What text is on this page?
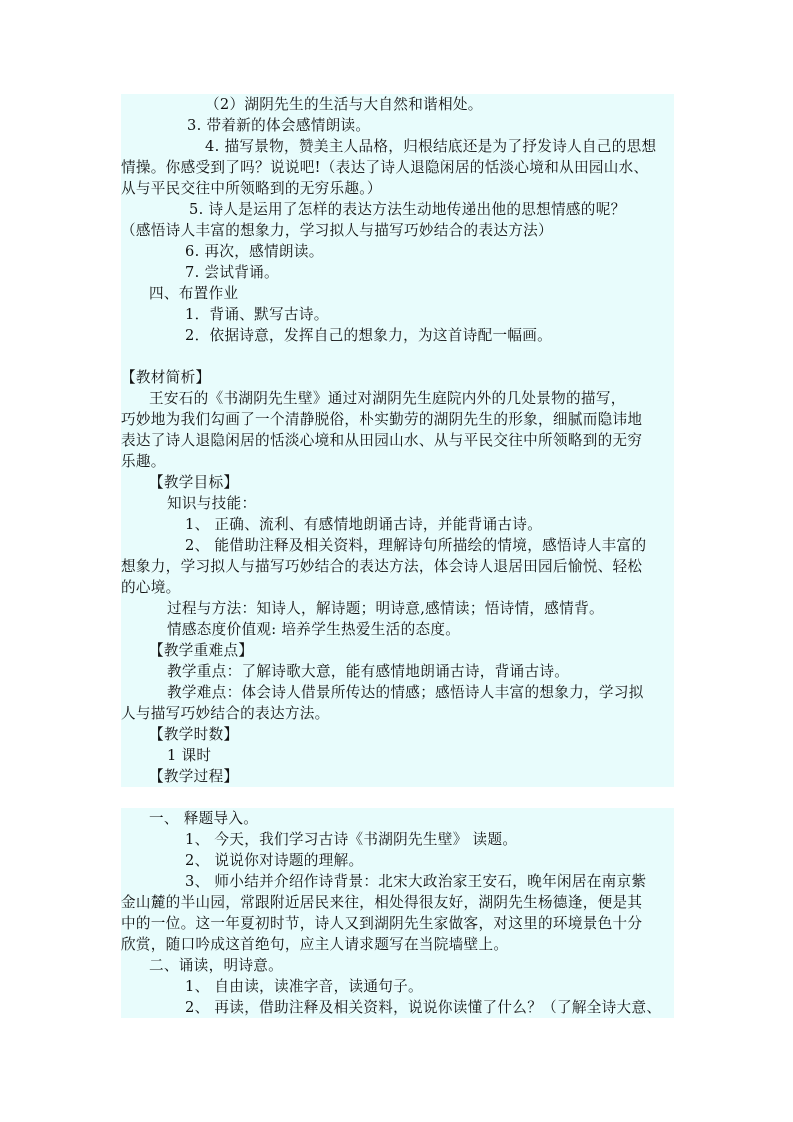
（2）湖阴先生的生活与大自然和谐相处。
3. 带着新的体会感情朗读。
4. 描写景物，赞美主人品格，归根结底还是为了抒发诗人自己的思想
情操。你感受到了吗？说说吧!（表达了诗人退隐闲居的恬淡心境和从田园山水、
从与平民交往中所领略到的无穷乐趣。）
5. 诗人是运用了怎样的表达方法生动地传递出他的思想情感的呢？
（感悟诗人丰富的想象力，学习拟人与描写巧妙结合的表达方法）
6. 再次，感情朗读。
7. 尝试背诵。
四、布置作业
1．背诵、默写古诗。
2．依据诗意，发挥自己的想象力，为这首诗配一幅画。
【教材简析】
王安石的《书湖阴先生壁》通过对湖阴先生庭院内外的几处景物的描写，
巧妙地为我们勾画了一个清静脱俗，朴实勤劳的湖阴先生的形象，细腻而隐讳地
表达了诗人退隐闲居的恬淡心境和从田园山水、从与平民交往中所领略到的无穷
乐趣。
【教学目标】
知识与技能：
1、 正确、流利、有感情地朗诵古诗，并能背诵古诗。
2、 能借助注释及相关资料，理解诗句所描绘的情境，感悟诗人丰富的
想象力，学习拟人与描写巧妙结合的表达方法，体会诗人退居田园后愉悦、轻松
的心境。
过程与方法：知诗人，解诗题；明诗意,感情读；悟诗情，感情背。
情感态度价值观: 培养学生热爱生活的态度。
【教学重难点】
教学重点：了解诗歌大意，能有感情地朗诵古诗，背诵古诗。
教学难点：体会诗人借景所传达的情感；感悟诗人丰富的想象力，学习拟
人与描写巧妙结合的表达方法。
【教学时数】
1 课时
【教学过程】
一、 释题导入。
1、 今天，我们学习古诗《书湖阴先生壁》 读题。
2、 说说你对诗题的理解。
3、 师小结并介绍作诗背景：北宋大政治家王安石，晚年闲居在南京紫
金山麓的半山园，常跟附近居民来往，相处得很友好，湖阴先生杨德逢，便是其
中的一位。这一年夏初时节，诗人又到湖阴先生家做客，对这里的环境景色十分
欣赏，随口吟成这首绝句，应主人请求题写在当院墙壁上。
二、诵读，明诗意。
1、 自由读，读准字音，读通句子。
2、 再读，借助注释及相关资料，说说你读懂了什么？（了解全诗大意、
